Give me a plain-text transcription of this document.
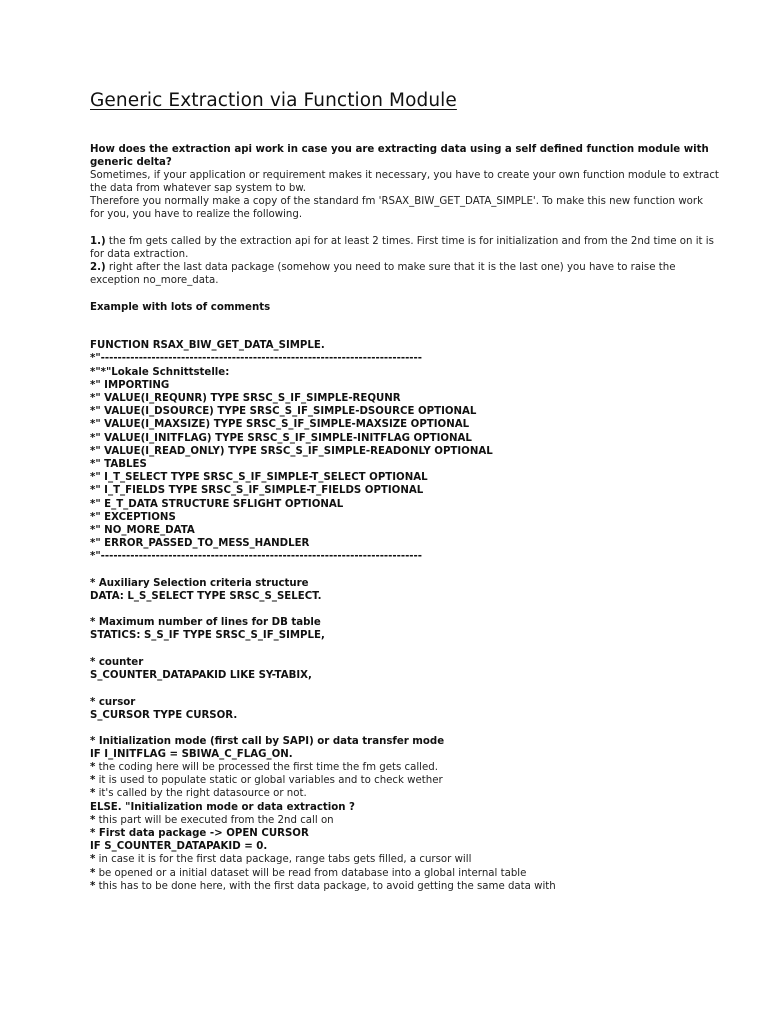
Generic Extraction via Function Module
How does the extraction api work in case you are extracting data using a self defined function module with
generic delta?
Sometimes, if your application or requirement makes it necessary, you have to create your own function module to extract
the data from whatever sap system to bw.
Therefore you normally make a copy of the standard fm 'RSAX_BIW_GET_DATA_SIMPLE'. To make this new function work
for you, you have to realize the following.
1.) the fm gets called by the extraction api for at least 2 times. First time is for initialization and from the 2nd time on it is
for data extraction.
2.) right after the last data package (somehow you need to make sure that it is the last one) you have to raise the
exception no_more_data.
Example with lots of comments
FUNCTION RSAX_BIW_GET_DATA_SIMPLE.
*"----------------------------------------------------------------------------
*"*"Lokale Schnittstelle:
*" IMPORTING
*" VALUE(I_REQUNR) TYPE SRSC_S_IF_SIMPLE-REQUNR
*" VALUE(I_DSOURCE) TYPE SRSC_S_IF_SIMPLE-DSOURCE OPTIONAL
*" VALUE(I_MAXSIZE) TYPE SRSC_S_IF_SIMPLE-MAXSIZE OPTIONAL
*" VALUE(I_INITFLAG) TYPE SRSC_S_IF_SIMPLE-INITFLAG OPTIONAL
*" VALUE(I_READ_ONLY) TYPE SRSC_S_IF_SIMPLE-READONLY OPTIONAL
*" TABLES
*" I_T_SELECT TYPE SRSC_S_IF_SIMPLE-T_SELECT OPTIONAL
*" I_T_FIELDS TYPE SRSC_S_IF_SIMPLE-T_FIELDS OPTIONAL
*" E_T_DATA STRUCTURE SFLIGHT OPTIONAL
*" EXCEPTIONS
*" NO_MORE_DATA
*" ERROR_PASSED_TO_MESS_HANDLER
*"----------------------------------------------------------------------------
* Auxiliary Selection criteria structure
DATA: L_S_SELECT TYPE SRSC_S_SELECT.
* Maximum number of lines for DB table
STATICS: S_S_IF TYPE SRSC_S_IF_SIMPLE,
* counter
S_COUNTER_DATAPAKID LIKE SY-TABIX,
* cursor
S_CURSOR TYPE CURSOR.
* Initialization mode (first call by SAPI) or data transfer mode
IF I_INITFLAG = SBIWA_C_FLAG_ON.
* the coding here will be processed the first time the fm gets called.
* it is used to populate static or global variables and to check wether
* it's called by the right datasource or not.
ELSE. "Initialization mode or data extraction ?
* this part will be executed from the 2nd call on
* First data package -> OPEN CURSOR
IF S_COUNTER_DATAPAKID = 0.
* in case it is for the first data package, range tabs gets filled, a cursor will
* be opened or a initial dataset will be read from database into a global internal table
* this has to be done here, with the first data package, to avoid getting the same data with
